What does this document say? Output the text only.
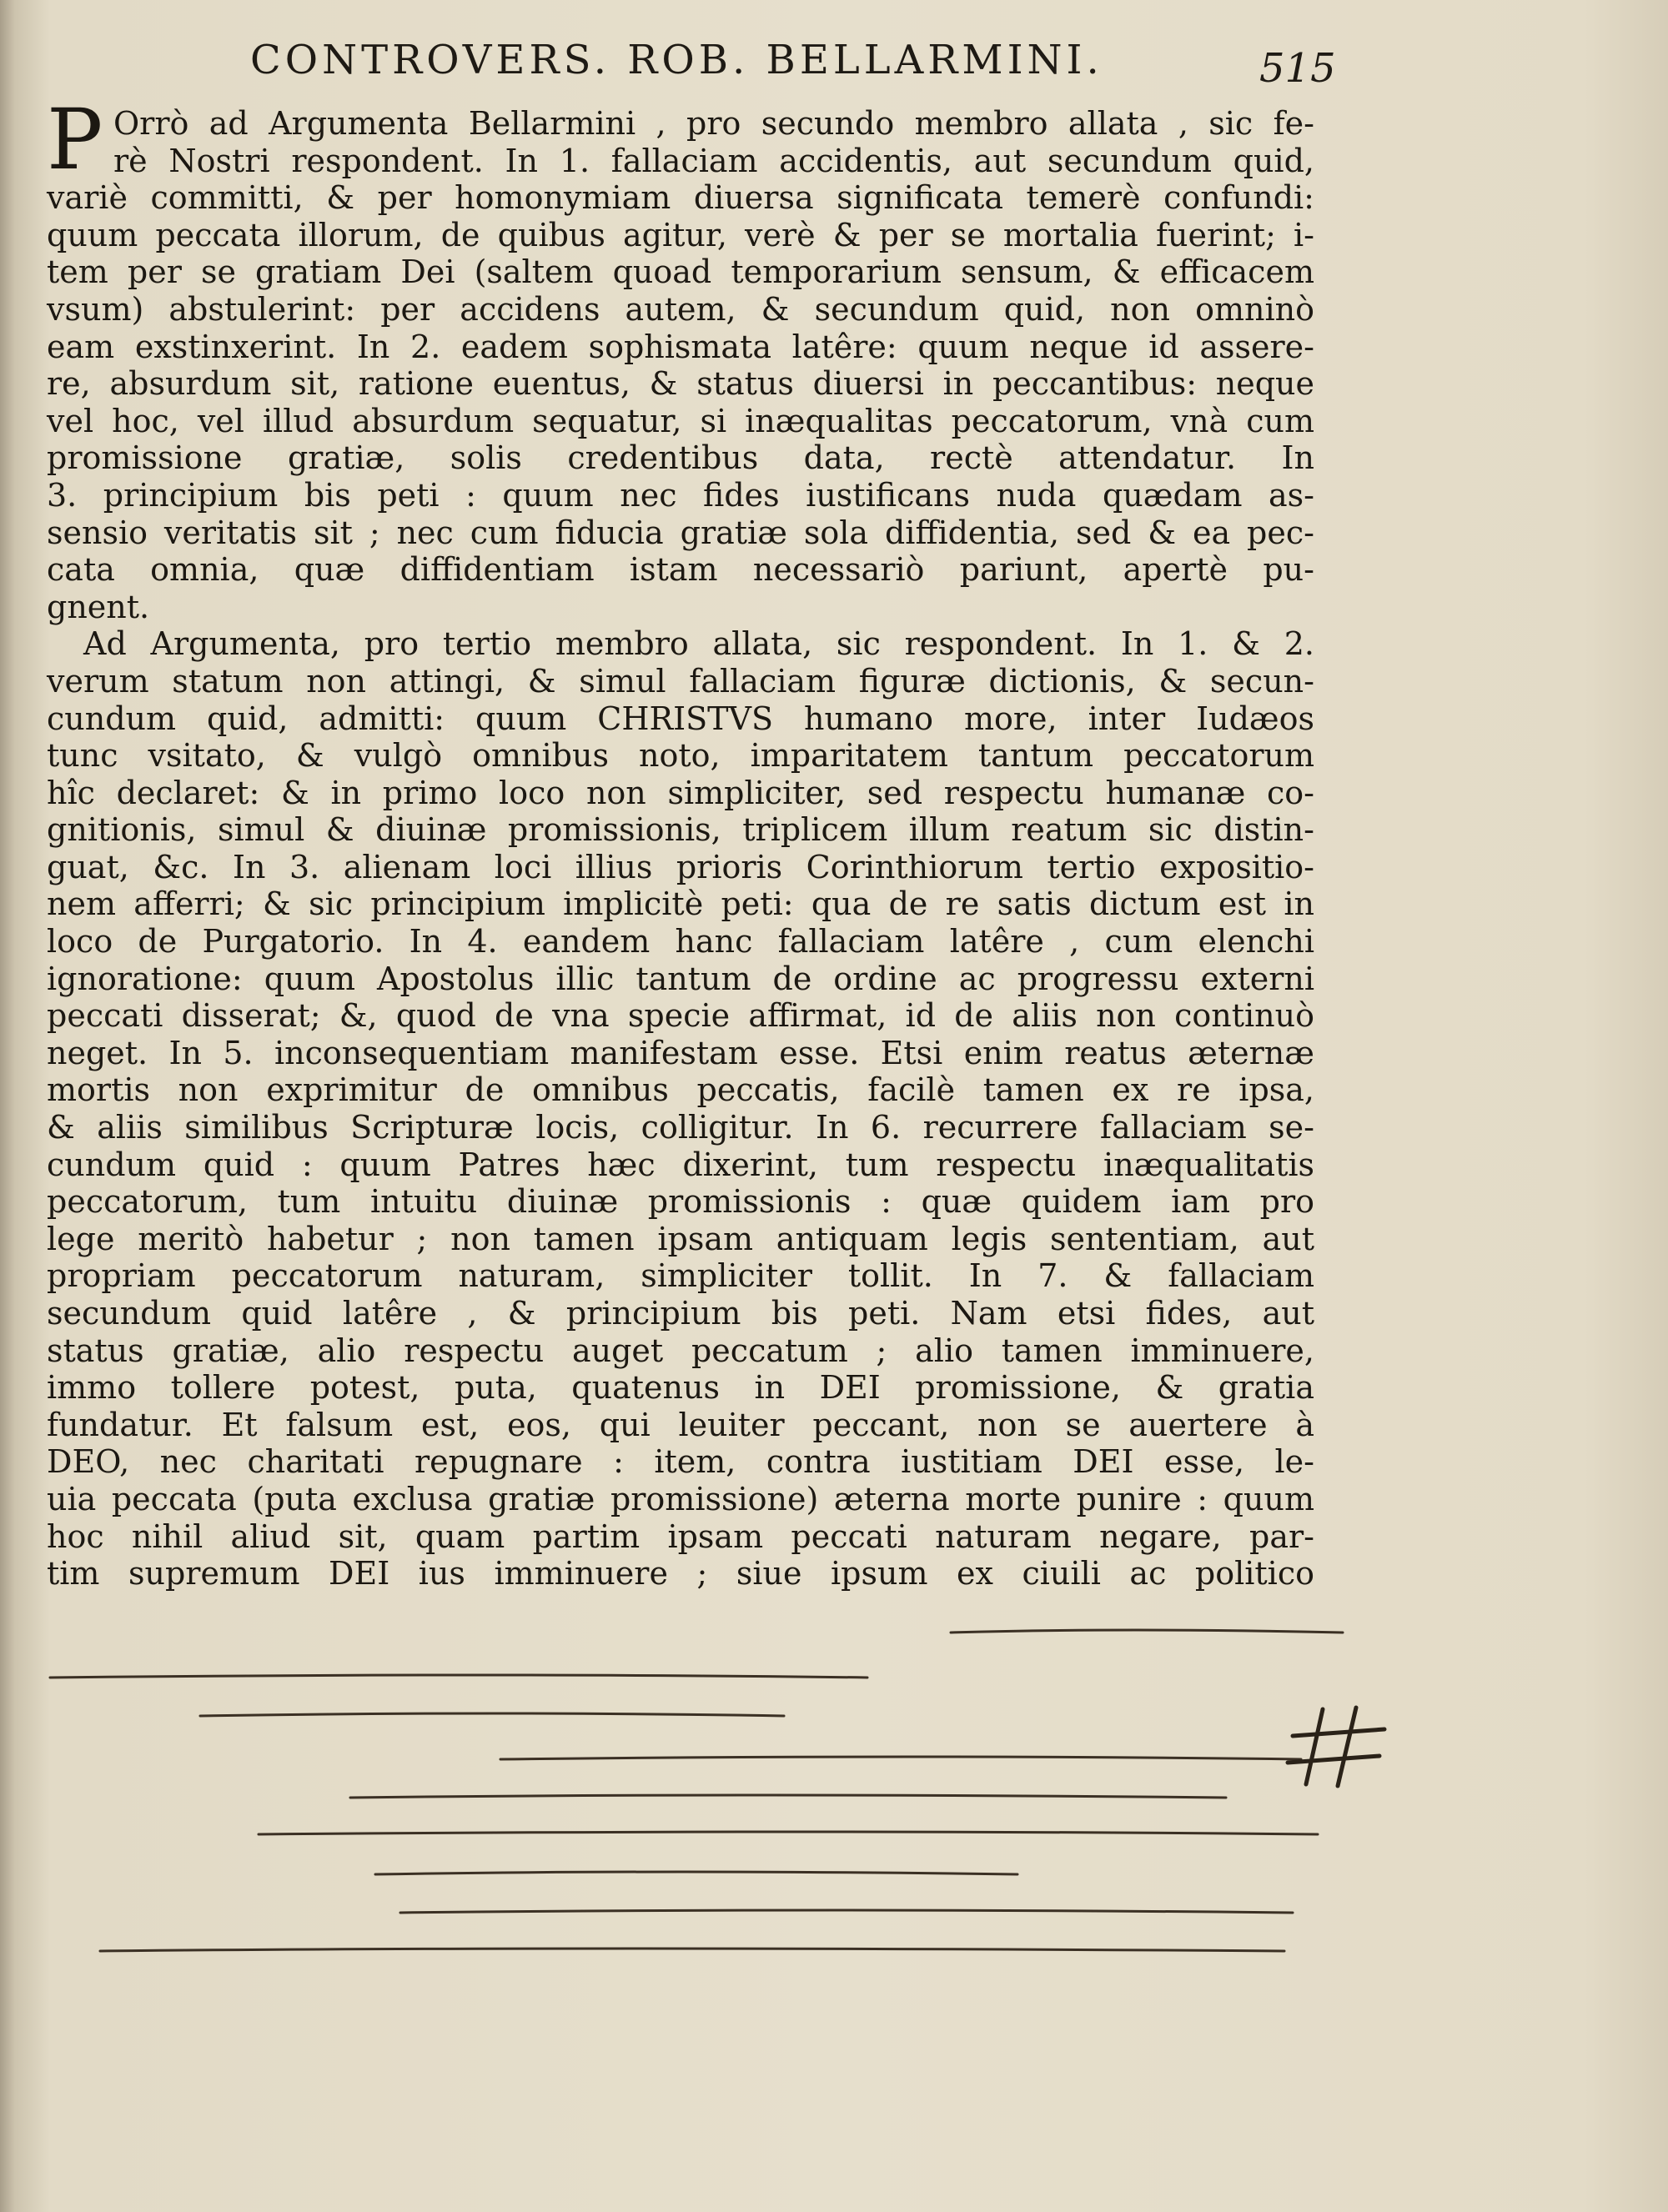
CONTROVERS. ROB. BELLARMINI.	515
P Orrò ad Argumenta Bellarmini , pro secundo membro allata , sic fe-
rè Nostri respondent. In 1. fallaciam accidentis, aut secundum quid,
variè committi, & per homonymiam diuersa significata temerè confundi:
quum peccata illorum, de quibus agitur, verè & per se mortalia fuerint; i-
tem per se gratiam Dei (saltem quoad temporarium sensum, & efficacem
vsum) abstulerint: per accidens autem, & secundum quid, non omninò
eam exstinxerint. In 2. eadem sophismata latêre: quum neque id assere-
re, absurdum sit, ratione euentus, & status diuersi in peccantibus: neque
vel hoc, vel illud absurdum sequatur, si inæqualitas peccatorum, vnà cum
promissione gratiæ, solis credentibus data, rectè attendatur. In
3. principium bis peti : quum nec fides iustificans nuda quædam as-
sensio veritatis sit ; nec cum fiducia gratiæ sola diffidentia, sed & ea pec-
cata omnia, quæ diffidentiam istam necessariò pariunt, apertè pu-
gnent.
Ad Argumenta, pro tertio membro allata, sic respondent. In 1. & 2.
verum statum non attingi, & simul fallaciam figuræ dictionis, & secun-
cundum quid, admitti: quum CHRISTVS humano more, inter Iudæos
tunc vsitato, & vulgò omnibus noto, imparitatem tantum peccatorum
hîc declaret: & in primo loco non simpliciter, sed respectu humanæ co-
gnitionis, simul & diuinæ promissionis, triplicem illum reatum sic distin-
guat, &c. In 3. alienam loci illius prioris Corinthiorum tertio expositio-
nem afferri; & sic principium implicitè peti: qua de re satis dictum est in
loco de Purgatorio. In 4. eandem hanc fallaciam latêre , cum elenchi
ignoratione: quum Apostolus illic tantum de ordine ac progressu externi
peccati disserat; &, quod de vna specie affirmat, id de aliis non continuò
neget. In 5. inconsequentiam manifestam esse. Etsi enim reatus æternæ
mortis non exprimitur de omnibus peccatis, facilè tamen ex re ipsa,
& aliis similibus Scripturæ locis, colligitur. In 6. recurrere fallaciam se-
cundum quid : quum Patres hæc dixerint, tum respectu inæqualitatis
peccatorum, tum intuitu diuinæ promissionis : quæ quidem iam pro
lege meritò habetur ; non tamen ipsam antiquam legis sententiam, aut
propriam peccatorum naturam, simpliciter tollit. In 7. & fallaciam
secundum quid latêre , & principium bis peti. Nam etsi fides, aut
status gratiæ, alio respectu auget peccatum ; alio tamen imminuere,
immo tollere potest, puta, quatenus in DEI promissione, & gratia
fundatur. Et falsum est, eos, qui leuiter peccant, non se auertere à
DEO, nec charitati repugnare : item, contra iustitiam DEI esse, le-
uia peccata (puta exclusa gratiæ promissione) æterna morte punire : quum
hoc nihil aliud sit, quam partim ipsam peccati naturam negare, par-
tim supremum DEI ius imminuere ; siue ipsum ex ciuili ac politico
